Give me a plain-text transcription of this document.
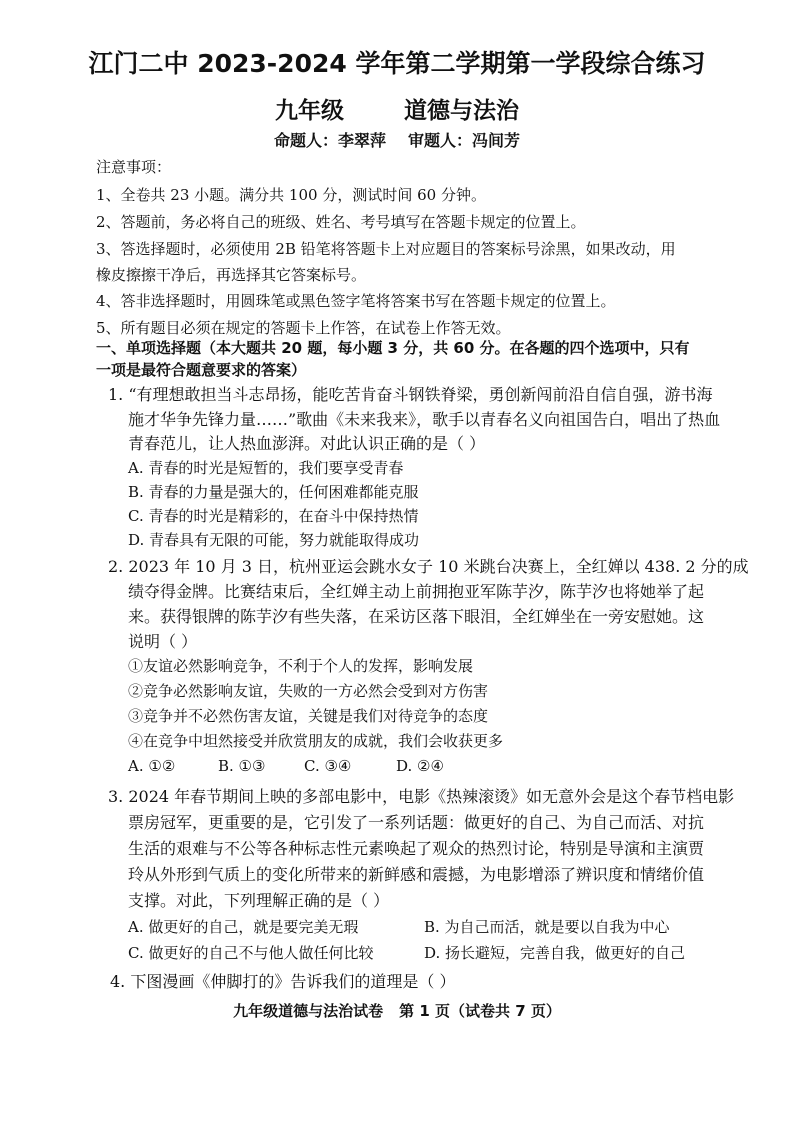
江门二中 2023-2024 学年第二学期第一学段综合练习
九年级	道德与法治
命题人：李翠萍 审题人：冯间芳
注意事项：
1、全卷共 23 小题。满分共 100 分，测试时间 60 分钟。
2、答题前，务必将自己的班级、姓名、考号填写在答题卡规定的位置上。
3、答选择题时，必须使用 2B 铅笔将答题卡上对应题目的答案标号涂黑，如果改动，用
橡皮擦擦干净后，再选择其它答案标号。
4、答非选择题时，用圆珠笔或黑色签字笔将答案书写在答题卡规定的位置上。
5、所有题目必须在规定的答题卡上作答，在试卷上作答无效。
一、单项选择题（本大题共 20 题，每小题 3 分，共 60 分。在各题的四个选项中，只有
一项是最符合题意要求的答案）
1. “有理想敢担当斗志昂扬，能吃苦肯奋斗钢铁脊梁，勇创新闯前沿自信自强，游书海
施才华争先锋力量……”歌曲《未来我来》，歌手以青春名义向祖国告白，唱出了热血
青春范儿，让人热血澎湃。对此认识正确的是（ ）
A. 青春的时光是短暂的，我们要享受青春
B. 青春的力量是强大的，任何困难都能克服
C. 青春的时光是精彩的，在奋斗中保持热情
D. 青春具有无限的可能，努力就能取得成功
2. 2023 年 10 月 3 日，杭州亚运会跳水女子 10 米跳台决赛上，全红婵以 438. 2 分的成
绩夺得金牌。比赛结束后，全红婵主动上前拥抱亚军陈芋汐，陈芋汐也将她举了起
来。获得银牌的陈芋汐有些失落，在采访区落下眼泪，全红婵坐在一旁安慰她。这
说明（ ）
①友谊必然影响竞争，不利于个人的发挥，影响发展
②竞争必然影响友谊，失败的一方必然会受到对方伤害
③竞争并不必然伤害友谊，关键是我们对待竞争的态度
④在竞争中坦然接受并欣赏朋友的成就，我们会收获更多
A. ①②	B. ①③	C. ③④	D. ②④
3. 2024 年春节期间上映的多部电影中，电影《热辣滚烫》如无意外会是这个春节档电影
票房冠军，更重要的是，它引发了一系列话题：做更好的自己、为自己而活、对抗
生活的艰难与不公等各种标志性元素唤起了观众的热烈讨论，特别是导演和主演贾
玲从外形到气质上的变化所带来的新鲜感和震撼，为电影增添了辨识度和情绪价值
支撑。对此，下列理解正确的是（ ）
A. 做更好的自己，就是要完美无瑕	B. 为自己而活，就是要以自我为中心
C. 做更好的自己不与他人做任何比较	D. 扬长避短，完善自我，做更好的自己
4. 下图漫画《伸脚打的》告诉我们的道理是（ ）
九年级道德与法治试卷 第 1 页（试卷共 7 页）
